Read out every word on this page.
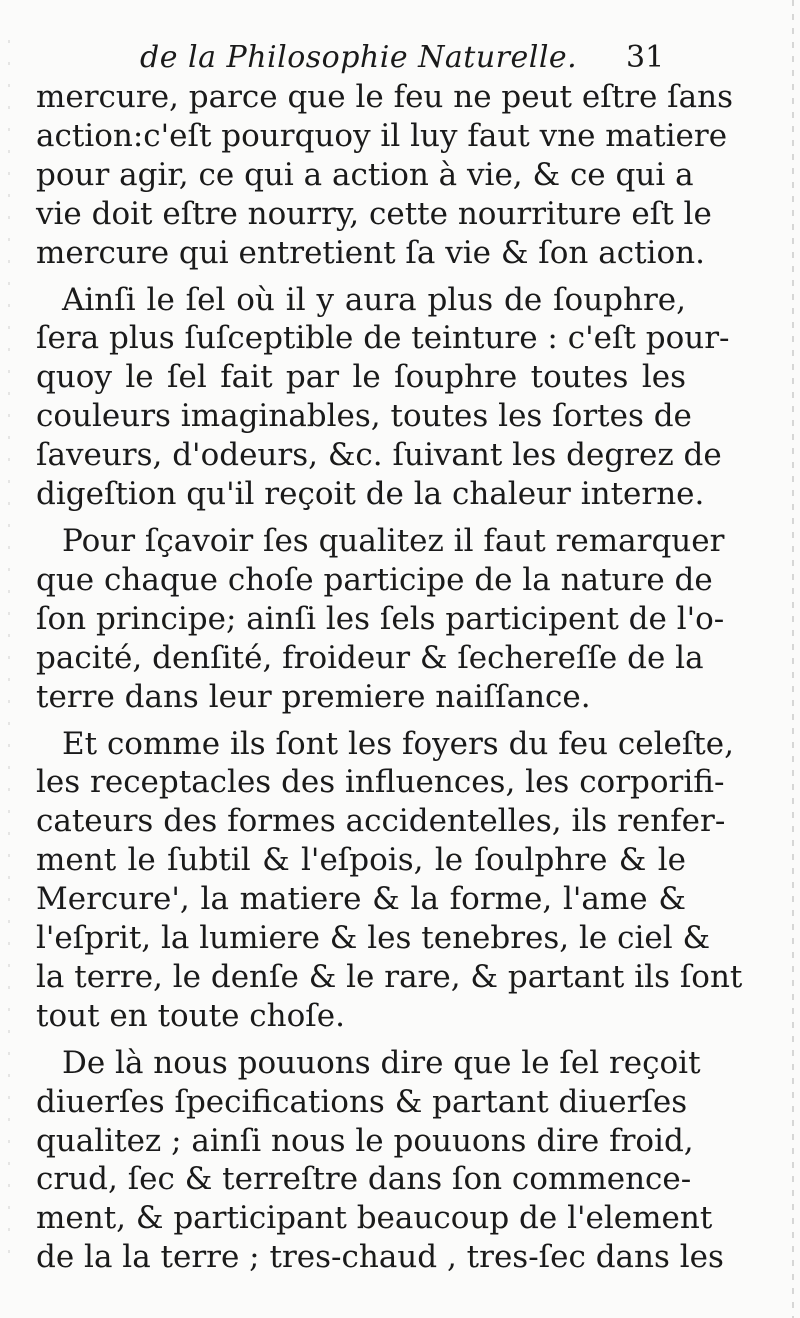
de la Philosophie Naturelle. 31
mercure, parce que le feu ne peut eſtre ſans
action:c'eſt pourquoy il luy faut vne matiere
pour agir, ce qui a action à vie, & ce qui a
vie doit eſtre nourry, cette nourriture eſt le
mercure qui entretient ſa vie & ſon action.
Ainſi le ſel où il y aura plus de ſouphre,
ſera plus ſuſceptible de teinture : c'eſt pour-
quoy le ſel fait par le ſouphre toutes les
couleurs imaginables, toutes les ſortes de
ſaveurs, d'odeurs, &c. ſuivant les degrez de
digeſtion qu'il reçoit de la chaleur interne.
Pour ſçavoir ſes qualitez il faut remarquer
que chaque choſe participe de la nature de
ſon principe; ainſi les ſels participent de l'o-
pacité, denſité, froideur & ſechereſſe de la
terre dans leur premiere naiſſance.
Et comme ils ſont les foyers du feu celeſte,
les receptacles des influences, les corporifi-
cateurs des formes accidentelles, ils renfer-
ment le ſubtil & l'eſpois, le ſoulphre & le
Mercure', la matiere & la forme, l'ame &
l'eſprit, la lumiere & les tenebres, le ciel &
la terre, le denſe & le rare, & partant ils ſont
tout en toute choſe.
De là nous pouuons dire que le ſel reçoit
diuerſes ſpecifications & partant diuerſes
qualitez ; ainſi nous le pouuons dire froid,
crud, ſec & terreſtre dans ſon commence-
ment, & participant beaucoup de l'element
de la la terre ; tres-chaud , tres-ſec dans les
